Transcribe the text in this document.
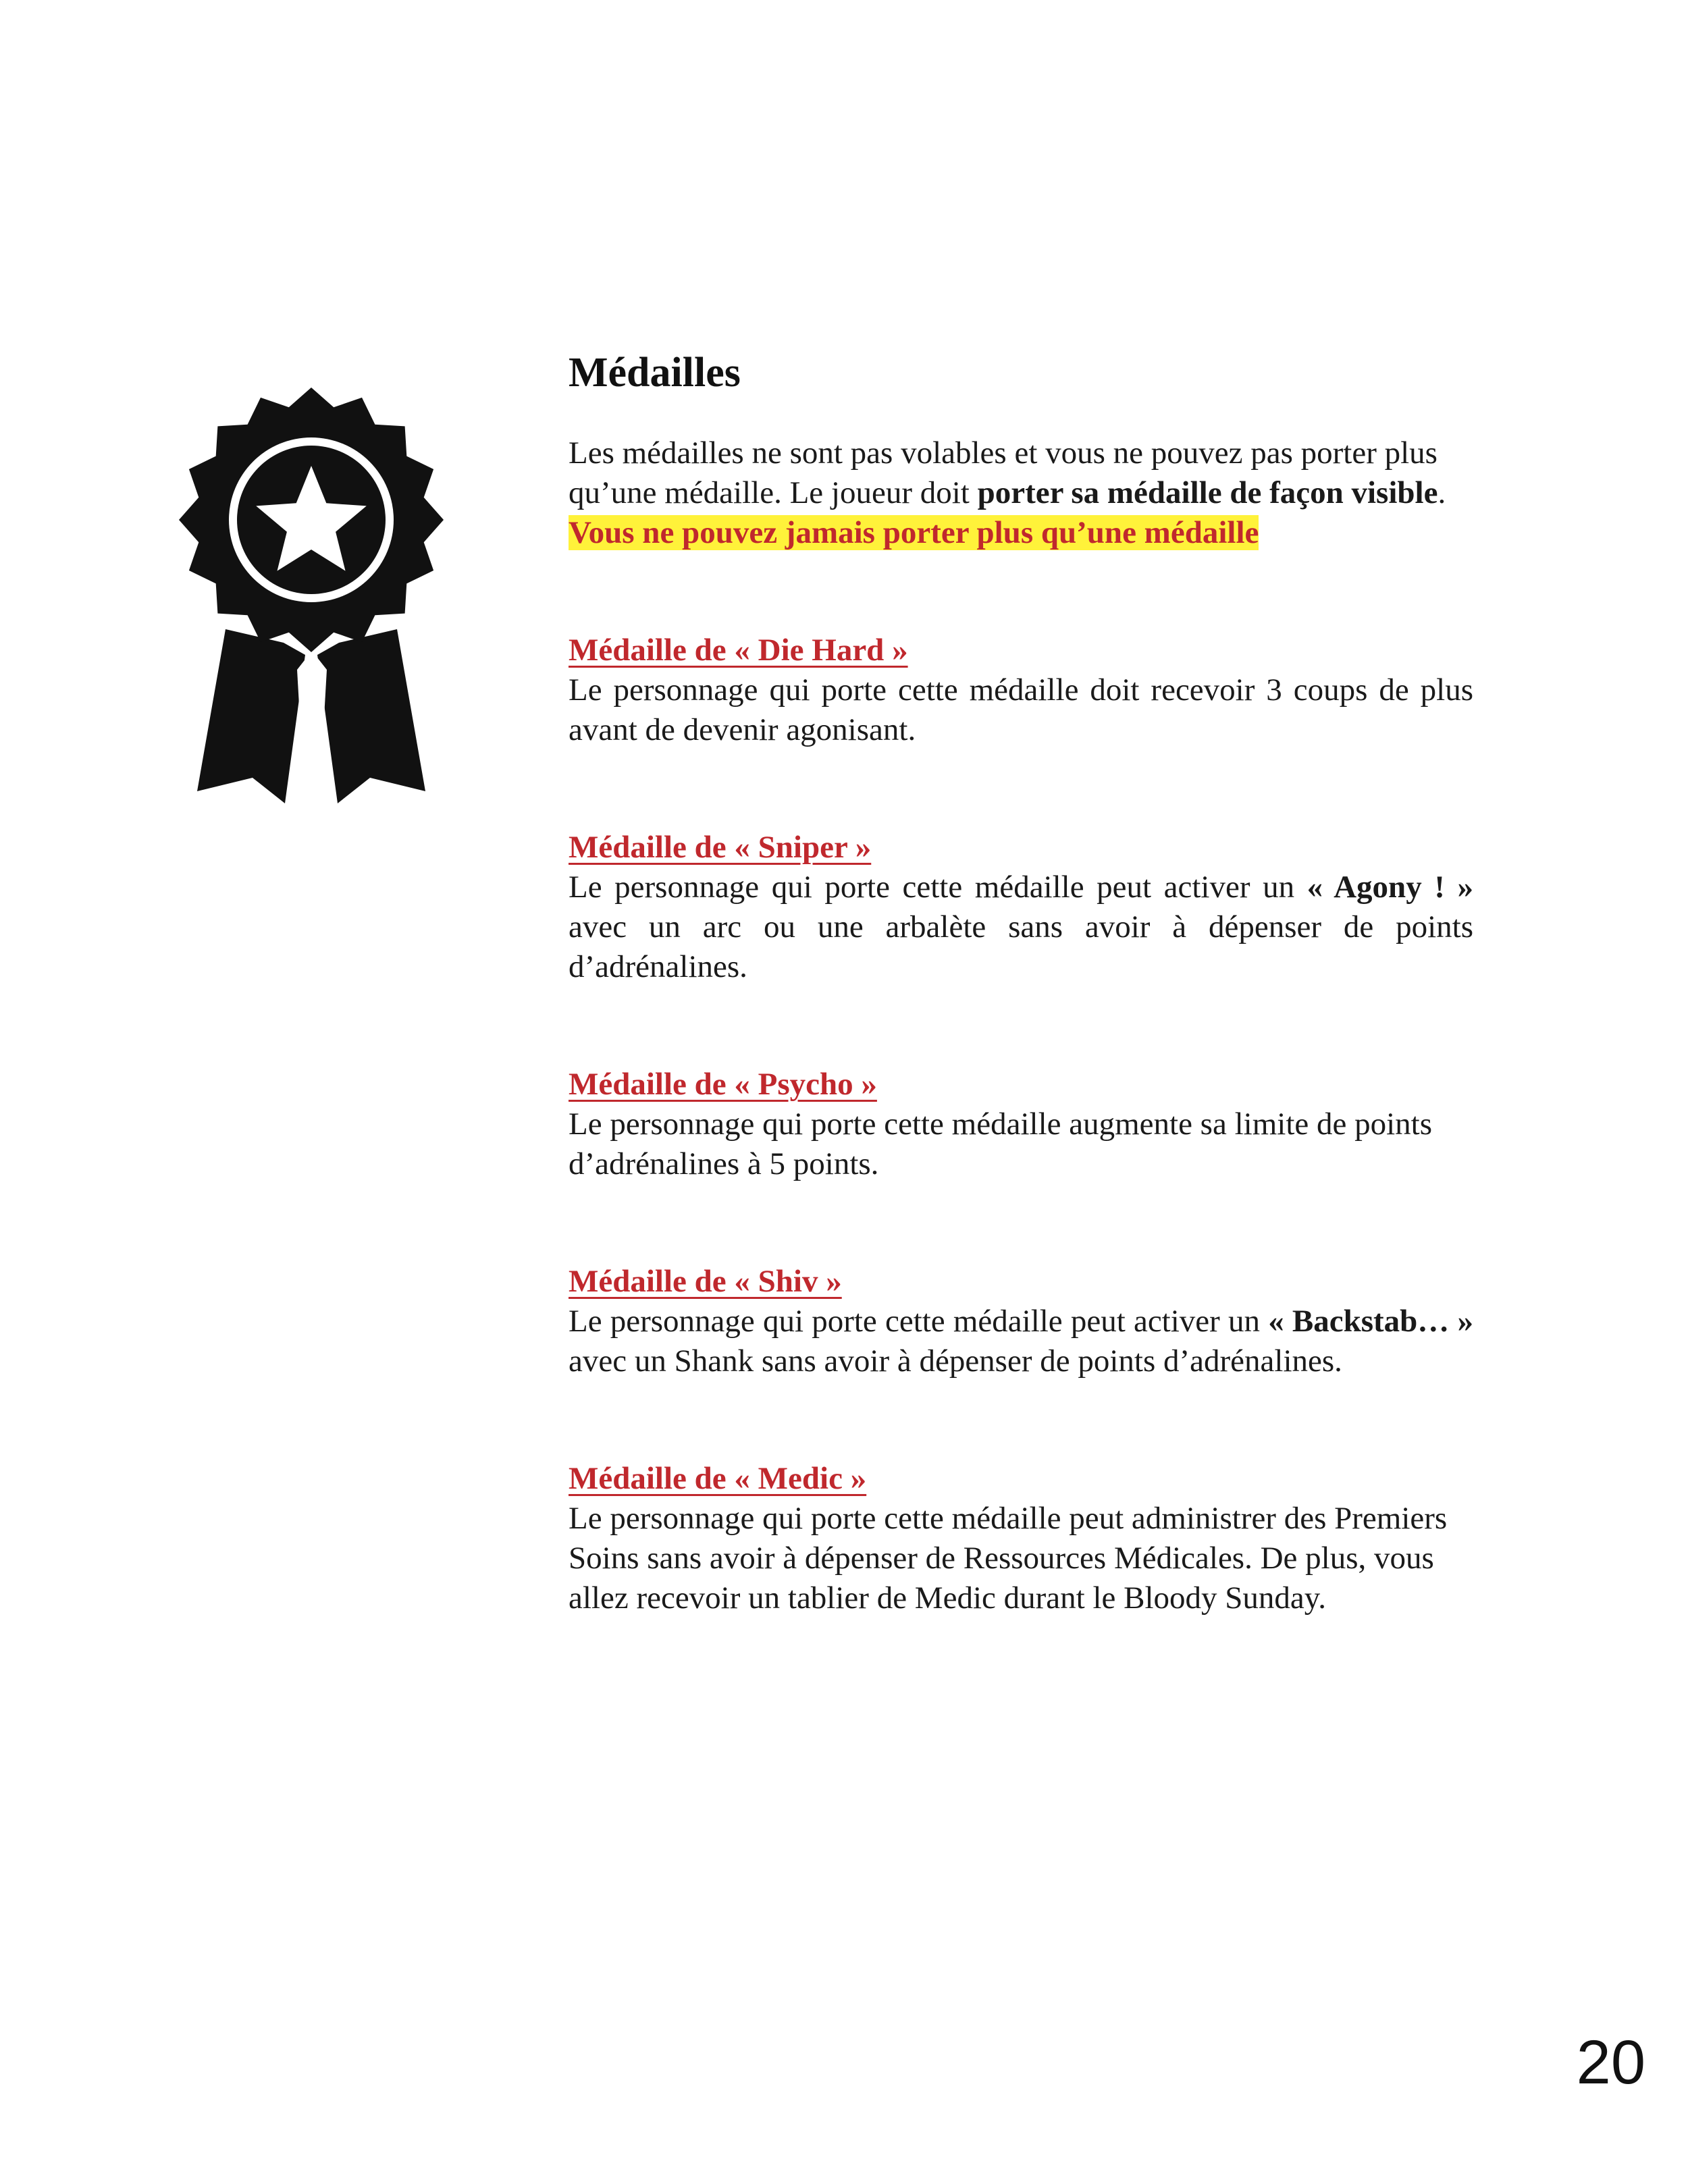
Médailles

Les médailles ne sont pas volables et vous ne pouvez pas porter plus qu’une médaille. Le joueur doit porter sa médaille de façon visible.
Vous ne pouvez jamais porter plus qu’une médaille

Médaille de « Die Hard »

Le personnage qui porte cette médaille doit recevoir 3 coups de plus avant de devenir agonisant.

Médaille de « Sniper »

Le personnage qui porte cette médaille peut activer un « Agony ! » avec un arc ou une arbalète sans avoir à dépenser de points d’adrénalines.

Médaille de « Psycho »

Le personnage qui porte cette médaille augmente sa limite de points d’adrénalines à 5 points.

Médaille de « Shiv »

Le personnage qui porte cette médaille peut activer un « Backstab… » avec un Shank sans avoir à dépenser de points d’adrénalines.

Médaille de « Medic »

Le personnage qui porte cette médaille peut administrer des Premiers Soins sans avoir à dépenser de Ressources Médicales. De plus, vous allez recevoir un tablier de Medic durant le Bloody Sunday.

20
